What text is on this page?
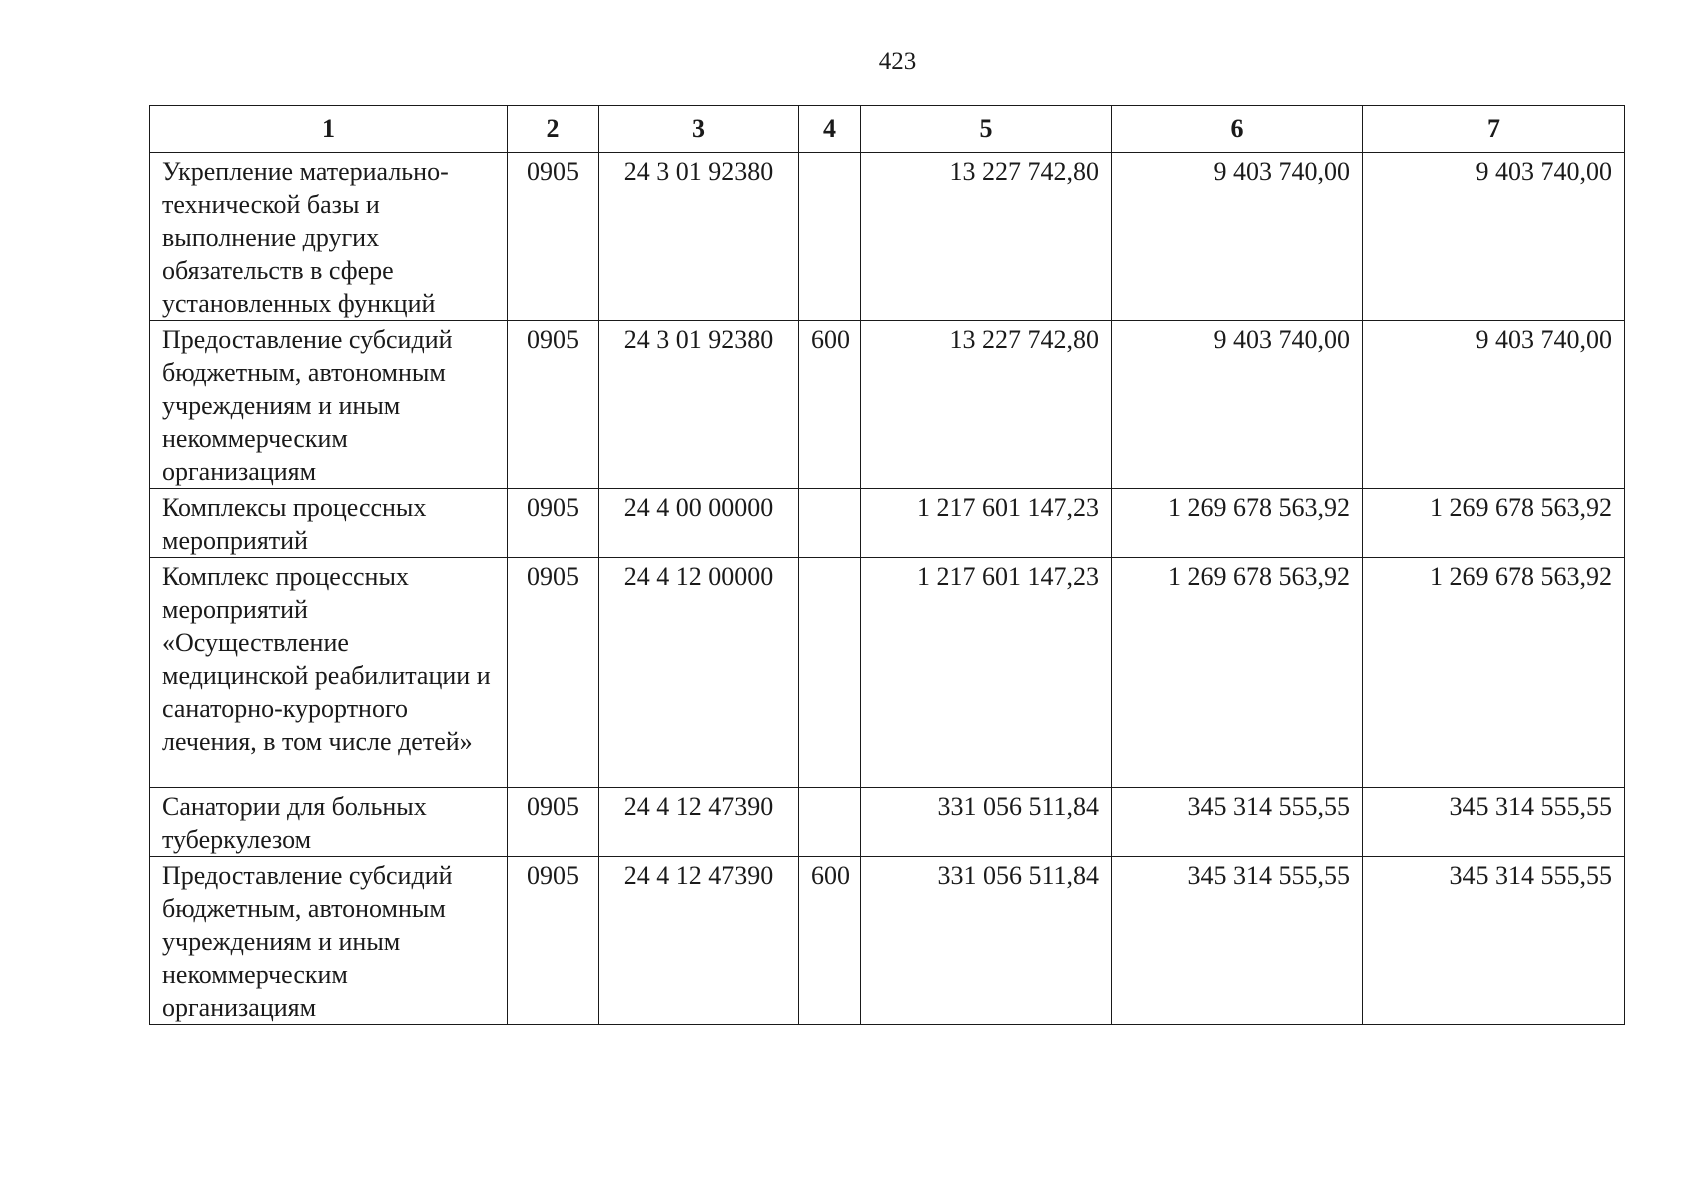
423
1	2	3	4	5	6	7
Укрепление материально-технической базы и выполнение других обязательств в сфере установленных функций	0905	24 3 01 92380		13 227 742,80	9 403 740,00	9 403 740,00
Предоставление субсидий бюджетным, автономным учреждениям и иным некоммерческим организациям	0905	24 3 01 92380	600	13 227 742,80	9 403 740,00	9 403 740,00
Комплексы процессных мероприятий	0905	24 4 00 00000		1 217 601 147,23	1 269 678 563,92	1 269 678 563,92
Комплекс процессных мероприятий «Осуществление медицинской реабилитации и санаторно-курортного лечения, в том числе детей»	0905	24 4 12 00000		1 217 601 147,23	1 269 678 563,92	1 269 678 563,92
Санатории для больных туберкулезом	0905	24 4 12 47390		331 056 511,84	345 314 555,55	345 314 555,55
Предоставление субсидий бюджетным, автономным учреждениям и иным некоммерческим организациям	0905	24 4 12 47390	600	331 056 511,84	345 314 555,55	345 314 555,55
